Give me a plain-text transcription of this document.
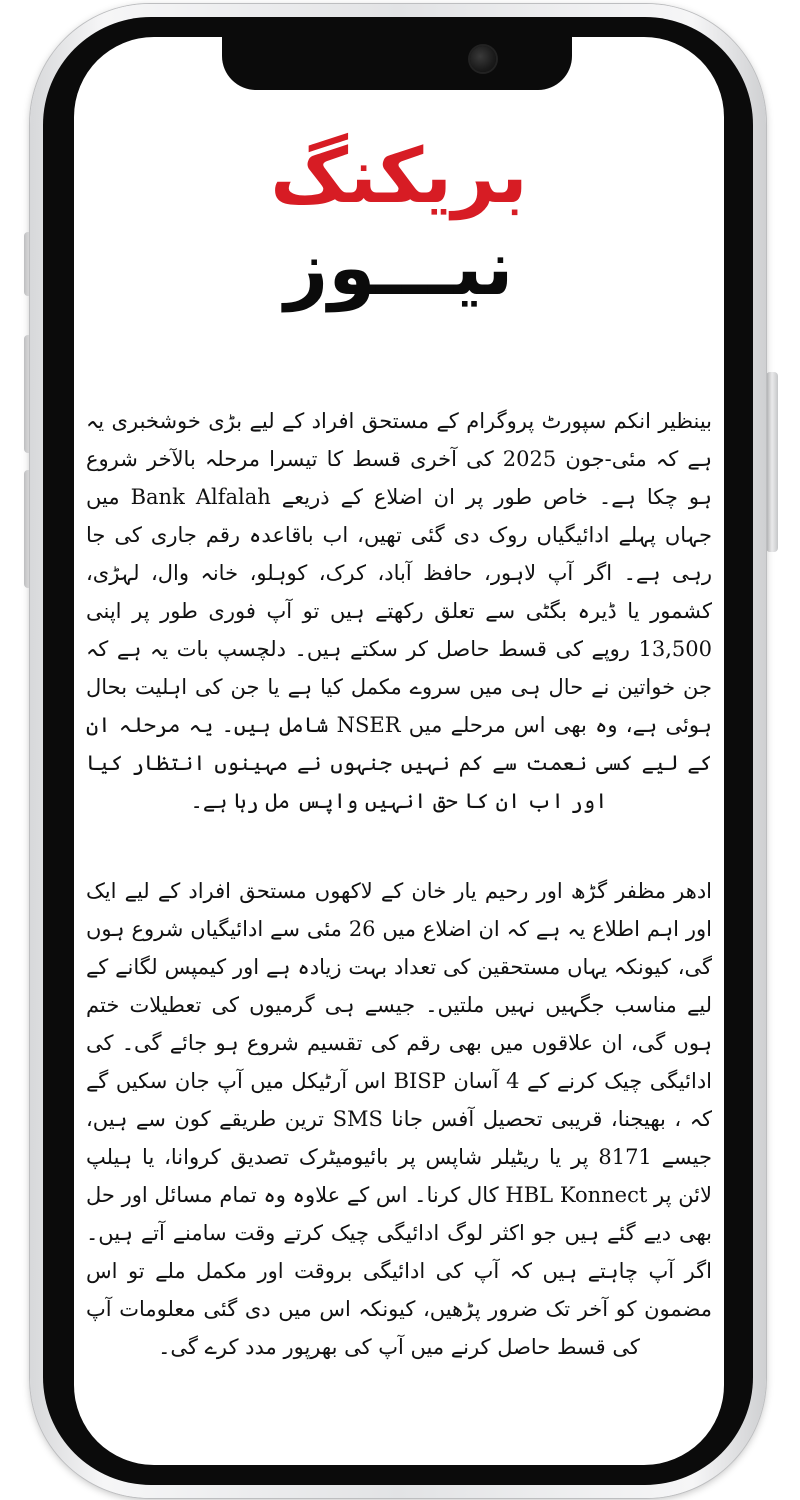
بریکنگ
نیـــوز

بینظیر انکم سپورٹ پروگرام کے مستحق افراد کے لیے بڑی خوشخبری یہ ہے کہ مئی-جون 2025 کی آخری قسط کا تیسرا مرحلہ بالآخر شروع ہو چکا ہے۔ خاص طور پر ان اضلاع کے ذریعے Bank Alfalah میں جہاں پہلے ادائیگیاں روک دی گئی تھیں، اب باقاعدہ رقم جاری کی جا رہی ہے۔ اگر آپ لاہور، حافظ آباد، کرک، کوہلو، خانہ وال، لہڑی، کشمور یا ڈیرہ بگٹی سے تعلق رکھتے ہیں تو آپ فوری طور پر اپنی 13,500 روپے کی قسط حاصل کر سکتے ہیں۔ دلچسپ بات یہ ہے کہ جن خواتین نے حال ہی میں سروے مکمل کیا ہے یا جن کی اہلیت بحال ہوئی ہے، وہ بھی اس مرحلے میں NSER شامل ہیں۔ یہ مرحلہ ان کے لیے کسی نعمت سے کم نہیں جنہوں نے مہینوں انتظار کیا اور اب ان کا حق انہیں واپس مل رہا ہے۔

ادھر مظفر گڑھ اور رحیم یار خان کے لاکھوں مستحق افراد کے لیے ایک اور اہم اطلاع یہ ہے کہ ان اضلاع میں 26 مئی سے ادائیگیاں شروع ہوں گی، کیونکہ یہاں مستحقین کی تعداد بہت زیادہ ہے اور کیمپس لگانے کے لیے مناسب جگہیں نہیں ملتیں۔ جیسے ہی گرمیوں کی تعطیلات ختم ہوں گی، ان علاقوں میں بھی رقم کی تقسیم شروع ہو جائے گی۔ کی ادائیگی چیک کرنے کے 4 آسان BISP اس آرٹیکل میں آپ جان سکیں گے کہ ، بھیجنا، قریبی تحصیل آفس جانا SMS ترین طریقے کون سے ہیں، جیسے 8171 پر یا ریٹیلر شاپس پر بائیومیٹرک تصدیق کروانا، یا ہیلپ لائن پر HBL Konnect کال کرنا۔ اس کے علاوہ وہ تمام مسائل اور حل بھی دیے گئے ہیں جو اکثر لوگ ادائیگی چیک کرتے وقت سامنے آتے ہیں۔ اگر آپ چاہتے ہیں کہ آپ کی ادائیگی بروقت اور مکمل ملے تو اس مضمون کو آخر تک ضرور پڑھیں، کیونکہ اس میں دی گئی معلومات آپ کی قسط حاصل کرنے میں آپ کی بھرپور مدد کرے گی۔
